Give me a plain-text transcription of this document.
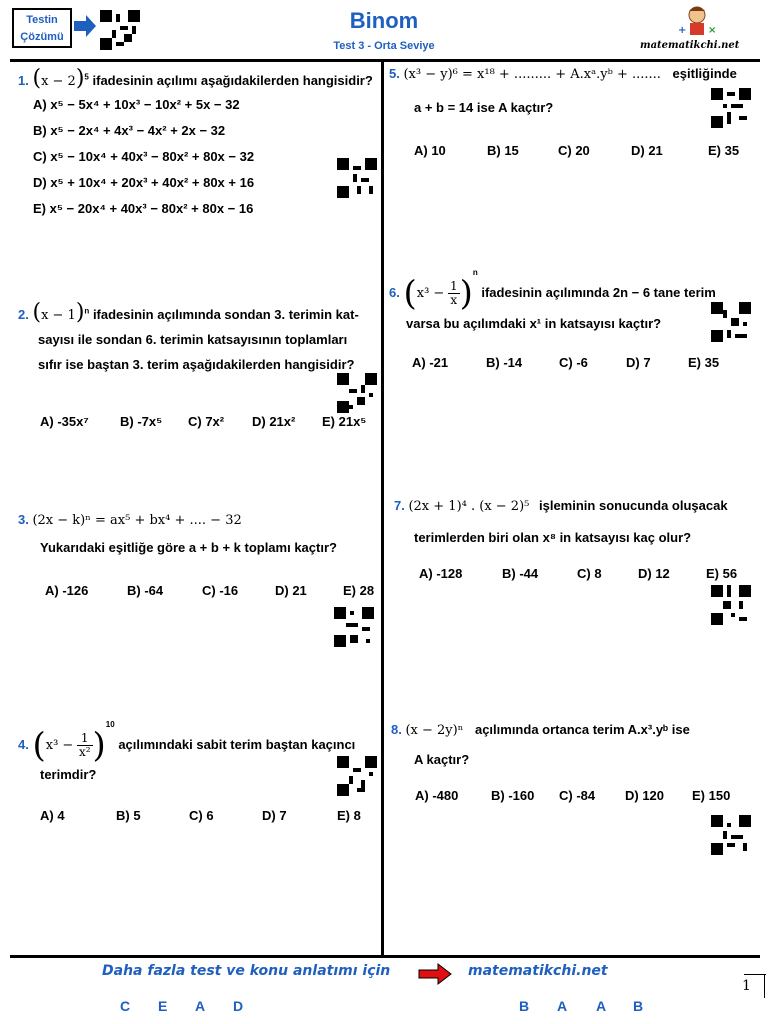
Testin
Çözümü
Binom
Test 3 - Orta Seviye
+ ×
matematikchi.net
1. $(x - 2)^5$ ifadesinin açılımı aşağıdakilerden hangisidir?
A) x⁵ − 5x⁴ + 10x³ − 10x² + 5x − 32
B) x⁵ − 2x⁴ + 4x³ − 4x² + 2x − 32
C) x⁵ − 10x⁴ + 40x³ − 80x² + 80x − 32
D) x⁵ + 10x⁴ + 20x³ + 40x² + 80x + 16
E) x⁵ − 20x⁴ + 40x³ − 80x² + 80x − 16
2. $(x - 1)^n$ ifadesinin açılımında sondan 3. terimin kat-
sayısı ile sondan 6. terimin katsayısının toplamları
sıfır ise baştan 3. terim aşağıdakilerden hangisidir?
A) -35x⁷ B) -7x⁵ C) 7x² D) 21x² E) 21x⁵
3. (2x − k)ⁿ = ax⁵ + bx⁴ + .... − 32
Yukarıdaki eşitliğe göre a + b + k toplamı kaçtır?
A) -126	B) -64	C) -16	D) 21	E) 28
4. $(x^3 - \frac{1}{\text{x²}} )^{10}$ açılımındaki sabit terim baştan kaçıncı
terimdir?
A) 4	B) 5	C) 6	D) 7	E) 8
5. (x³ − y)⁶ = x¹⁸ + ......... + A.xᵃ.yᵇ + ....... eşitliğinde
a + b = 14 ise A kaçtır?
A) 10	B) 15	C) 20	D) 21	E) 35
6. $(x^3 - \frac{1}{x} )^n$ ifadesinin açılımında 2n − 6 tane terim
varsa bu açılımdaki x¹ in katsayısı kaçtır?
A) -21	B) -14	C) -6	D) 7	E) 35
7. (2x + 1)⁴ . (x − 2)⁵ işleminin sonucunda oluşacak
terimlerden biri olan x⁸ in katsayısı kaç olur?
A) -128	B) -44	C) 8	D) 12	E) 56
8. (x − 2y)ⁿ açılımında ortanca terim A.x³.yᵇ ise
A kaçtır?
A) -480	B) -160 C) -84 D) 120 E) 150
Daha fazla test ve konu anlatımı için	matematikchi.net
C E A D	B A A B
1
